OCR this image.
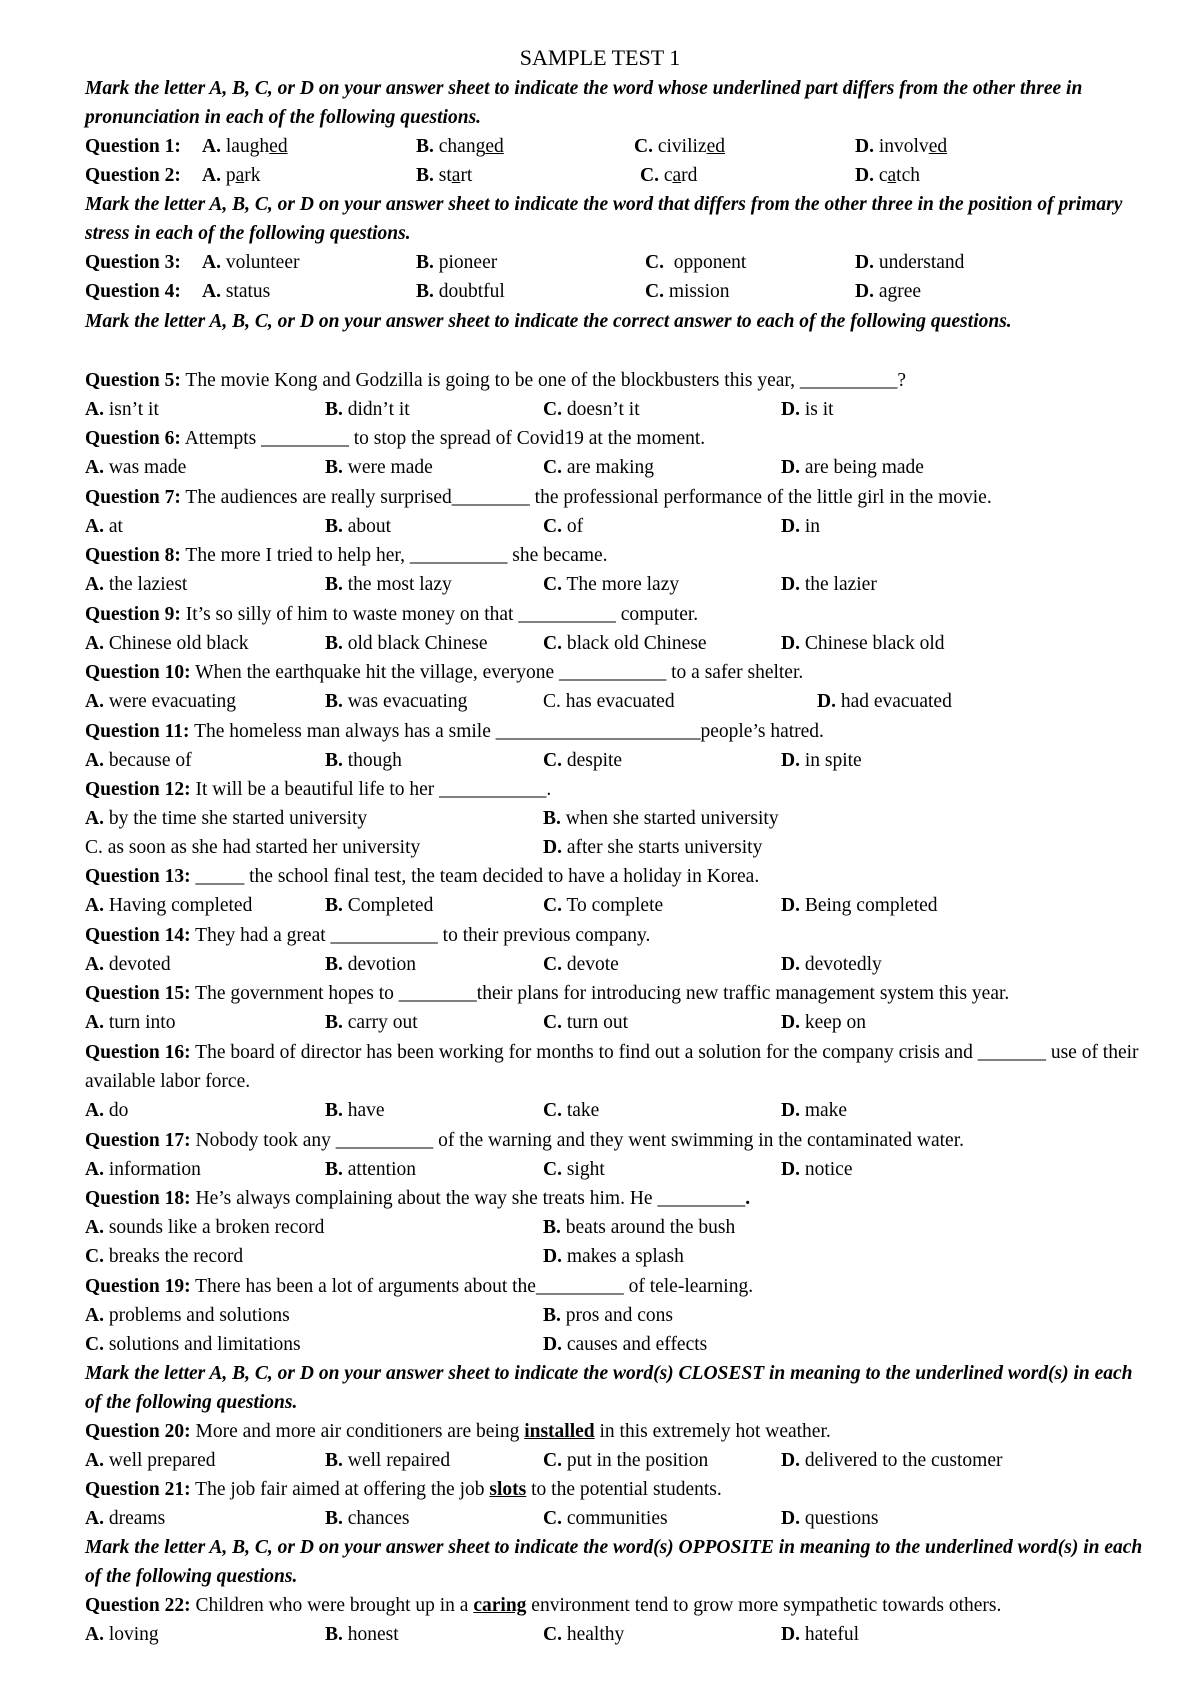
SAMPLE TEST 1
Mark the letter A, B, C, or D on your answer sheet to indicate the word whose underlined part differs from the other three in pronunciation in each of the following questions.
Question 1: A. laughed	B. changed	C. civilized	D. involved
Question 2: A. park	B. start	C. card	D. catch
Mark the letter A, B, C, or D on your answer sheet to indicate the word that differs from the other three in the position of primary stress in each of the following questions.
Question 3: A. volunteer	B. pioneer	C. opponent	D. understand
Question 4: A. status	B. doubtful	C. mission	D. agree
Mark the letter A, B, C, or D on your answer sheet to indicate the correct answer to each of the following questions.
Question 5: The movie Kong and Godzilla is going to be one of the blockbusters this year, __________?
A. isn’t it	B. didn’t it	C. doesn’t it	D. is it
Question 6: Attempts _________ to stop the spread of Covid19 at the moment.
A. was made	B. were made	C. are making	D. are being made
Question 7: The audiences are really surprised________ the professional performance of the little girl in the movie.
A. at	B. about	C. of	D. in
Question 8: The more I tried to help her, __________ she became.
A. the laziest	B. the most lazy	C. The more lazy	D. the lazier
Question 9: It’s so silly of him to waste money on that __________ computer.
A. Chinese old black	B. old black Chinese	C. black old Chinese	D. Chinese black old
Question 10: When the earthquake hit the village, everyone ___________ to a safer shelter.
A. were evacuating	B. was evacuating	C. has evacuated	D. had evacuated
Question 11: The homeless man always has a smile _____________________people’s hatred.
A. because of	B. though	C. despite	D. in spite
Question 12: It will be a beautiful life to her ___________.
A. by the time she started university	B. when she started university
C. as soon as she had started her university	D. after she starts university
Question 13: _____ the school final test, the team decided to have a holiday in Korea.
A. Having completed	B. Completed	C. To complete	D. Being completed
Question 14: They had a great ___________ to their previous company.
A. devoted	B. devotion	C. devote	D. devotedly
Question 15: The government hopes to ________their plans for introducing new traffic management system this year.
A. turn into	B. carry out	C. turn out	D. keep on
Question 16: The board of director has been working for months to find out a solution for the company crisis and _______ use of their available labor force.
A. do	B. have	C. take	D. make
Question 17: Nobody took any __________ of the warning and they went swimming in the contaminated water.
A. information	B. attention	C. sight	D. notice
Question 18: He’s always complaining about the way she treats him. He _________.
A. sounds like a broken record	B. beats around the bush
C. breaks the record	D. makes a splash
Question 19: There has been a lot of arguments about the_________ of tele-learning.
A. problems and solutions	B. pros and cons
C. solutions and limitations	D. causes and effects
Mark the letter A, B, C, or D on your answer sheet to indicate the word(s) CLOSEST in meaning to the underlined word(s) in each of the following questions.
Question 20: More and more air conditioners are being installed in this extremely hot weather.
A. well prepared	B. well repaired	C. put in the position	D. delivered to the customer
Question 21: The job fair aimed at offering the job slots to the potential students.
A. dreams	B. chances	C. communities	D. questions
Mark the letter A, B, C, or D on your answer sheet to indicate the word(s) OPPOSITE in meaning to the underlined word(s) in each of the following questions.
Question 22: Children who were brought up in a caring environment tend to grow more sympathetic towards others.
A. loving	B. honest	C. healthy	D. hateful
